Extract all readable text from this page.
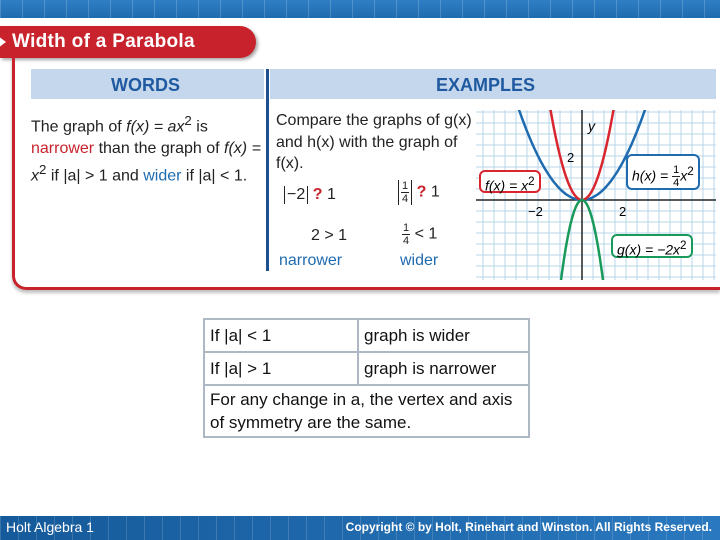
Width of a Parabola
WORDS	EXAMPLES
The graph of $f(x) = ax^2$ is narrower than the graph of $f(x) = x^2$ if |a| > 1 and wider if |a| < 1.
Compare the graphs of g(x) and h(x) with the graph of f(x).
−2 ? 1	$\frac{1}{4}$ ? 1
2 > 1	$\frac{1}{4} < 1$
narrower	wider
y
2
−2	2
$f(x) = x^2$	$h(x) = \frac{1}{4} x^2$
$g(x) = -2x^2$
If |a| < 1	graph is wider
If |a| > 1	graph is narrower
For any change in a, the vertex and axis of symmetry are the same.	
Holt Algebra 1	Copyright © by Holt, Rinehart and Winston. All Rights Reserved.
